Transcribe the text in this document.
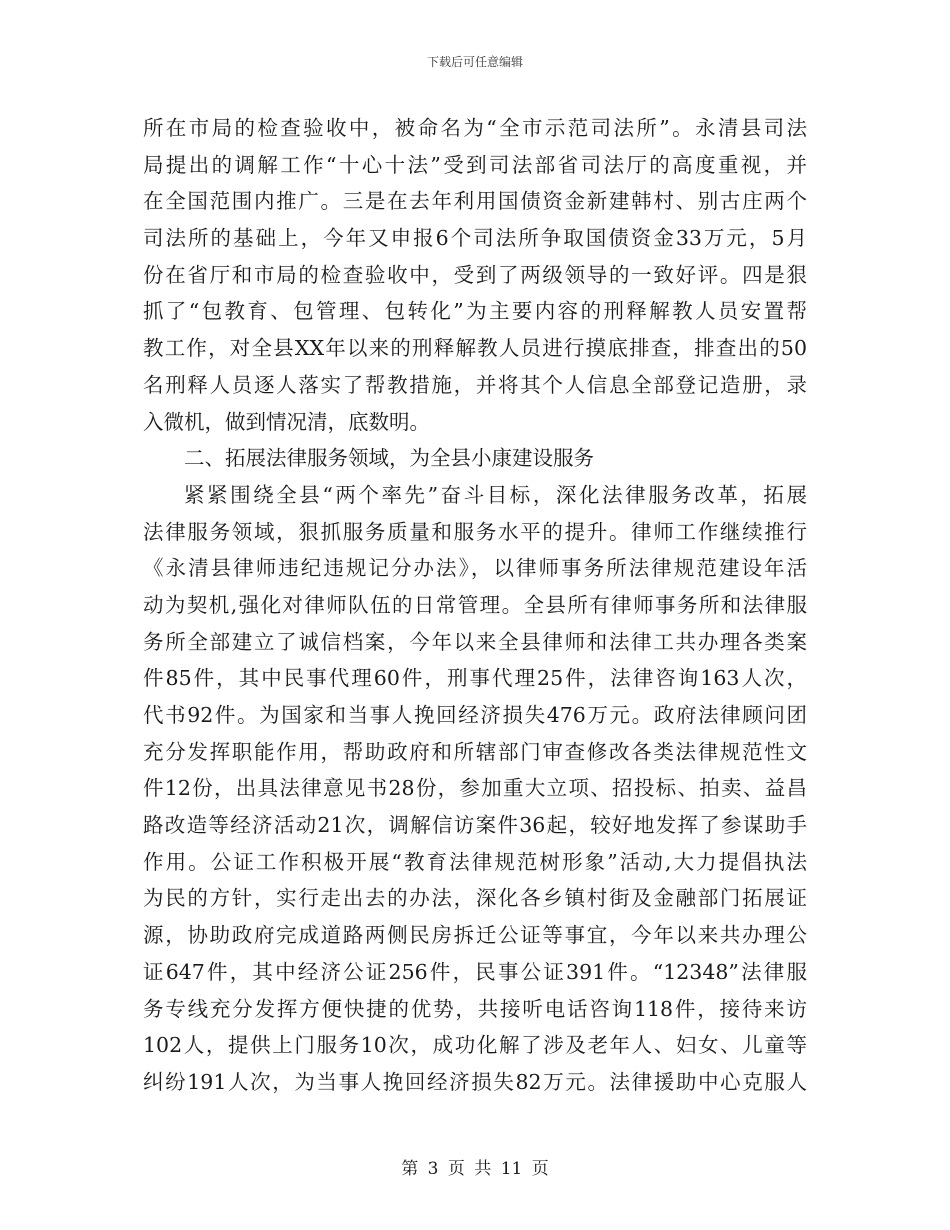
下载后可任意编辑
所在市局的检查验收中，被命名为“全市示范司法所”。永清县司法
局提出的调解工作“十心十法”受到司法部省司法厅的高度重视，并
在全国范围内推广。三是在去年利用国债资金新建韩村、别古庄两个
司法所的基础上，今年又申报6个司法所争取国债资金33万元，5月
份在省厅和市局的检查验收中，受到了两级领导的一致好评。四是狠
抓了“包教育、包管理、包转化”为主要内容的刑释解教人员安置帮
教工作，对全县XX年以来的刑释解教人员进行摸底排查，排查出的50
名刑释人员逐人落实了帮教措施，并将其个人信息全部登记造册，录
入微机，做到情况清，底数明。
二、拓展法律服务领域，为全县小康建设服务
紧紧围绕全县“两个率先”奋斗目标，深化法律服务改革，拓展
法律服务领域，狠抓服务质量和服务水平的提升。律师工作继续推行
《永清县律师违纪违规记分办法》，以律师事务所法律规范建设年活
动为契机,强化对律师队伍的日常管理。全县所有律师事务所和法律服
务所全部建立了诚信档案，今年以来全县律师和法律工共办理各类案
件85件，其中民事代理60件，刑事代理25件，法律咨询163人次，
代书92件。为国家和当事人挽回经济损失476万元。政府法律顾问团
充分发挥职能作用，帮助政府和所辖部门审查修改各类法律规范性文
件12份，出具法律意见书28份，参加重大立项、招投标、拍卖、益昌
路改造等经济活动21次，调解信访案件36起，较好地发挥了参谋助手
作用。公证工作积极开展“教育法律规范树形象”活动,大力提倡执法
为民的方针，实行走出去的办法，深化各乡镇村街及金融部门拓展证
源，协助政府完成道路两侧民房拆迁公证等事宜，今年以来共办理公
证647件，其中经济公证256件，民事公证391件。“12348”法律服
务专线充分发挥方便快捷的优势，共接听电话咨询118件，接待来访
102人，提供上门服务10次，成功化解了涉及老年人、妇女、儿童等
纠纷191人次，为当事人挽回经济损失82万元。法律援助中心克服人
第 3 页 共 11 页
